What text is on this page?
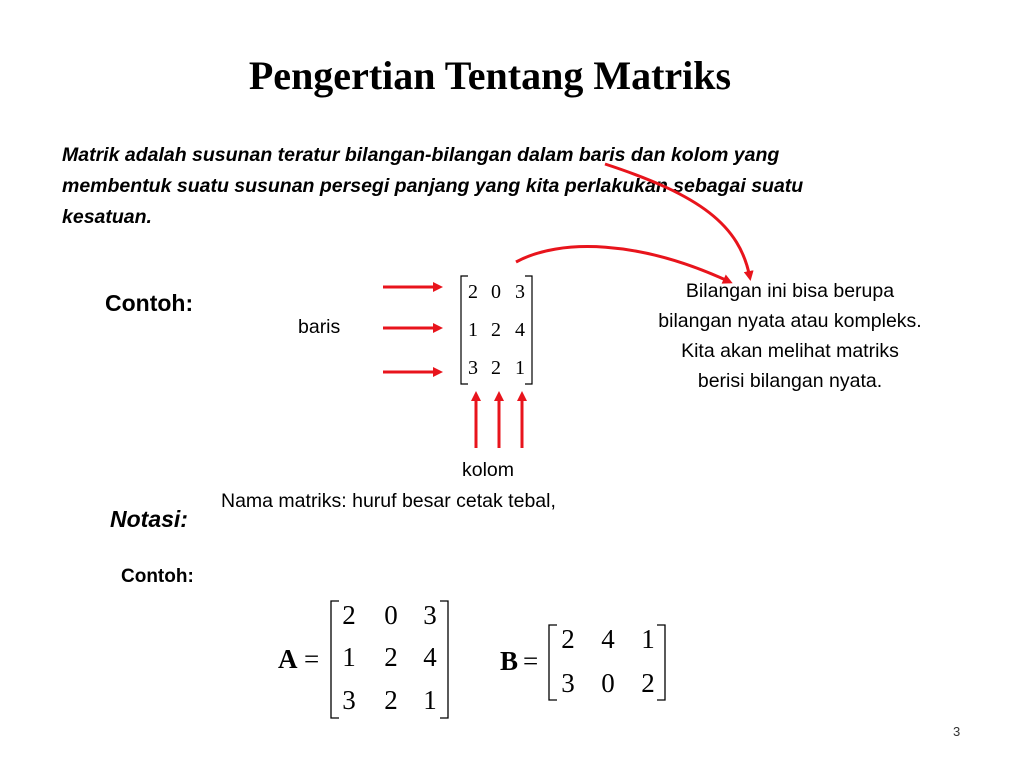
Pengertian Tentang Matriks
Matrik adalah susunan teratur bilangan-bilangan dalam baris dan kolom yang membentuk suatu susunan persegi panjang yang kita perlakukan sebagai suatu kesatuan.
Contoh:
baris
kolom
Bilangan ini bisa berupa
bilangan nyata atau kompleks.
Kita akan melihat matriks
berisi bilangan nyata.
Nama matriks: huruf besar cetak tebal,
Notasi:
Contoh:
3
2 0 3
1 2 4
3 2 1
A =
2 0 3
1 2 4
3 2 1
B =
2 4 1
3 0 2
